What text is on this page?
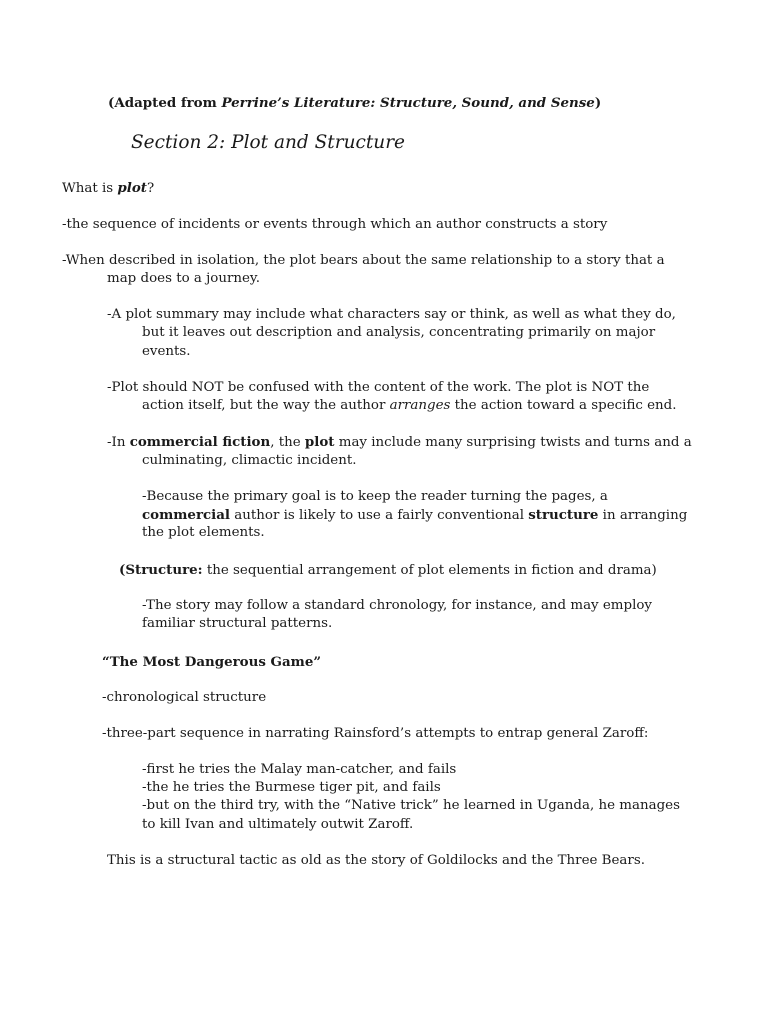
(Adapted from Perrine’s Literature: Structure, Sound, and Sense)

Section 2: Plot and Structure

What is plot?

-the sequence of incidents or events through which an author constructs a story

-When described in isolation, the plot bears about the same relationship to a story that a

map does to a journey.

-A plot summary may include what characters say or think, as well as what they do,

but it leaves out description and analysis, concentrating primarily on major

events.

-Plot should NOT be confused with the content of the work. The plot is NOT the

action itself, but the way the author arranges the action toward a specific end.

-In commercial fiction, the plot may include many surprising twists and turns and a

culminating, climactic incident.

-Because the primary goal is to keep the reader turning the pages, a

commercial author is likely to use a fairly conventional structure in arranging

the plot elements.

(Structure: the sequential arrangement of plot elements in fiction and drama)

-The story may follow a standard chronology, for instance, and may employ

familiar structural patterns.

“The Most Dangerous Game”

-chronological structure

-three-part sequence in narrating Rainsford’s attempts to entrap general Zaroff:

-first he tries the Malay man-catcher, and fails

-the he tries the Burmese tiger pit, and fails

-but on the third try, with the “Native trick” he learned in Uganda, he manages

to kill Ivan and ultimately outwit Zaroff.

This is a structural tactic as old as the story of Goldilocks and the Three Bears.
